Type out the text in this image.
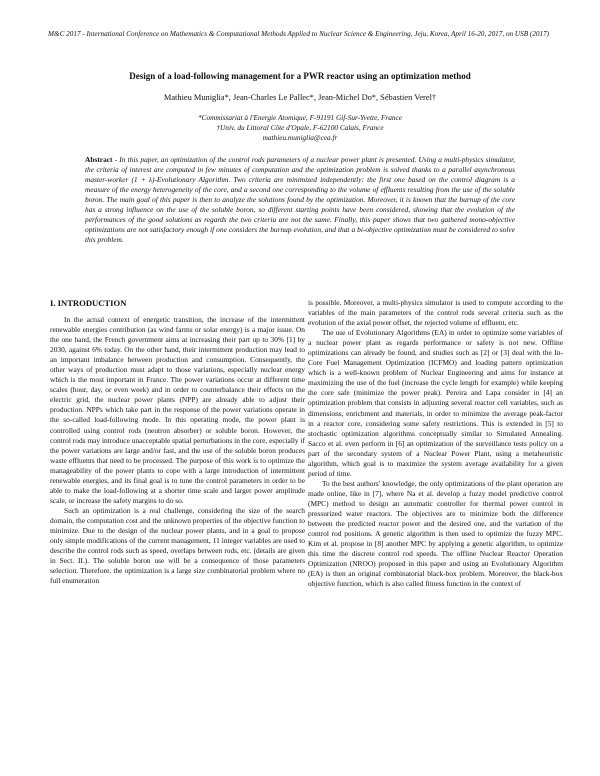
M&C 2017 - International Conference on Mathematics & Computational Methods Applied to Nuclear Science & Engineering, Jeju, Korea, April 16-20, 2017, on USB (2017)
Design of a load-following management for a PWR reactor using an optimization method
Mathieu Muniglia*, Jean-Charles Le Pallec*, Jean-Michel Do*, Sébastien Verel†
*Commissariat à l'Energie Atomique, F-91191 Gif-Sur-Yvette, France
†Univ. du Littoral Côte d'Opale, F-62100 Calais, France
mathieu.muniglia@cea.fr
Abstract - In this paper, an optimization of the control rods parameters of a nuclear power plant is presented. Using a multi-physics simulator, the criteria of interest are computed in few minutes of computation and the optimization problem is solved thanks to a parallel asynchronous master-worker (1 + λ)-Evolutionary Algorithm. Two criteria are minimized independently: the first one based on the control diagram is a measure of the energy heterogeneity of the core, and a second one corresponding to the volume of effluents resulting from the use of the soluble boron. The main goal of this paper is then to analyze the solutions found by the optimization. Moreover, it is known that the burnup of the core has a strong influence on the use of the soluble boron, so different starting points have been considered, showing that the evolution of the performances of the good solutions as regards the two criteria are not the same. Finally, this paper shows that two gathered mono-objective optimizations are not satisfactory enough if one considers the burnup evolution, and that a bi-objective optimization must be considered to solve this problem.
I. INTRODUCTION

In the actual context of energetic transition, the increase of the intermittent renewable energies contribution (as wind farms or solar energy) is a major issue. On the one hand, the French government aims at increasing their part up to 30% [1] by 2030, against 6% today. On the other hand, their intermittent production may lead to an important imbalance between production and consumption. Consequently, the other ways of production must adapt to those variations, especially nuclear energy which is the most important in France. The power variations occur at different time scales (hour, day, or even week) and in order to counterbalance their effects on the electric grid, the nuclear power plants (NPP) are already able to adjust their production. NPPs which take part in the response of the power variations operate in the so-called load-following mode. In this operating mode, the power plant is controlled using control rods (neutron absorber) or soluble boron. However, the control rods may introduce unacceptable spatial perturbations in the core, especially if the power variations are large and/or fast, and the use of the soluble boron produces waste effluents that need to be processed. The purpose of this work is to optimize the manageability of the power plants to cope with a large introduction of intermittent renewable energies, and its final goal is to tune the control parameters in order to be able to make the load-following at a shorter time scale and larger power amplitude scale, or increase the safety margins to do so.

Such an optimization is a real challenge, considering the size of the search domain, the computation cost and the unknown properties of the objective function to minimize. Due to the design of the nuclear power plants, and in a goal to propose only simple modifications of the current management, 11 integer variables are used to describe the control rods such as speed, overlaps between rods, etc. (details are given in Sect. II.). The soluble boron use will be a consequence of those parameters selection. Therefore, the optimization is a large size combinatorial problem where no full enumeration

is possible. Moreover, a multi-physics simulator is used to compute according to the variables of the main parameters of the control rods several criteria such as the evolution of the axial power offset, the rejected volume of effluent, etc.

The use of Evolutionary Algorithms (EA) in order to optimize some variables of a nuclear power plant as regards performance or safety is not new. Offline optimizations can already be found, and studies such as [2] or [3] deal with the In-Core Fuel Management Optimization (ICFMO) and loading pattern optimization which is a well-known problem of Nuclear Engineering and aims for instance at maximizing the use of the fuel (increase the cycle length for example) while keeping the core safe (minimize the power peak). Pereira and Lapa consider in [4] an optimization problem that consists in adjusting several reactor cell variables, such as dimensions, enrichment and materials, in order to minimize the average peak-factor in a reactor core, considering some safety restrictions. This is extended in [5] to stochastic optimization algorithms conceptually similar to Simulated Annealing. Sacco et al. even perform in [6] an optimization of the surveillance tests policy on a part of the secondary system of a Nuclear Power Plant, using a metaheuristic algorithm, which goal is to maximize the system average availability for a given period of time.

To the best authors' knowledge, the only optimizations of the plant operation are made online, like in [7], where Na et al. develop a fuzzy model predictive control (MPC) method to design an automatic controller for thermal power control in pressurized water reactors. The objectives are to minimize both the difference between the predicted reactor power and the desired one, and the variation of the control rod positions. A genetic algorithm is then used to optimize the fuzzy MPC. Kim et al. propose in [8] another MPC by applying a genetic algorithm, to optimize this time the discrete control rod speeds. The offline Nuclear Reactor Operation Optimization (NROO) proposed in this paper and using an Evolutionary Algorithm (EA) is then an original combinatorial black-box problem. Moreover, the black-box objective function, which is also called fitness function in the context of
